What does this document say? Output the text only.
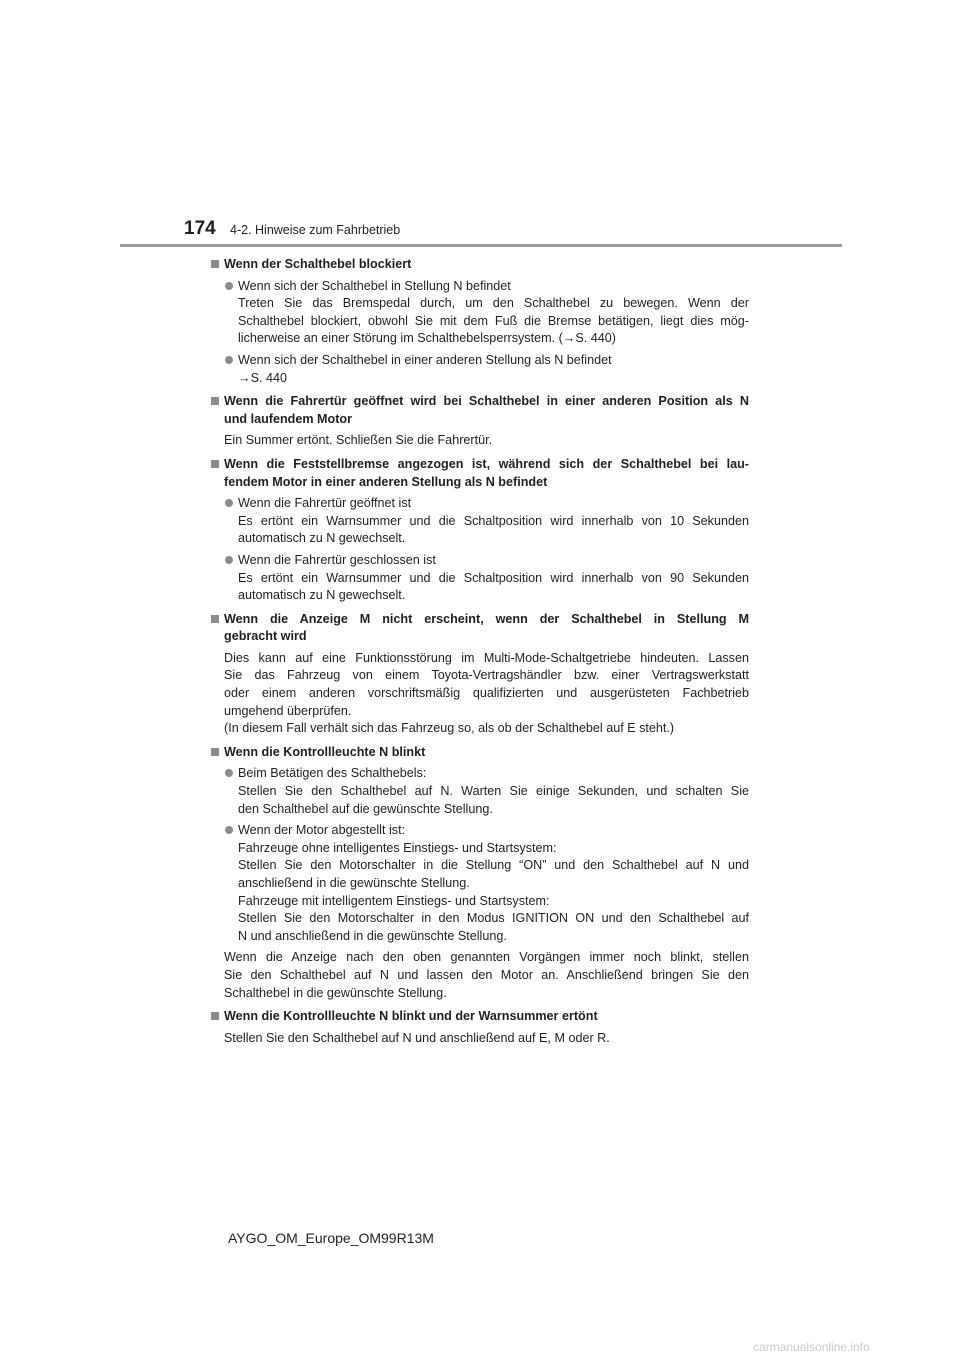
174 4-2. Hinweise zum Fahrbetrieb
Wenn der Schalthebel blockiert
Wenn sich der Schalthebel in Stellung N befindet
Treten Sie das Bremspedal durch, um den Schalthebel zu bewegen. Wenn der
Schalthebel blockiert, obwohl Sie mit dem Fuß die Bremse betätigen, liegt dies mög-
licherweise an einer Störung im Schalthebelsperrsystem. (→S. 440)
Wenn sich der Schalthebel in einer anderen Stellung als N befindet
→S. 440
Wenn die Fahrertür geöffnet wird bei Schalthebel in einer anderen Position als N
und laufendem Motor
Ein Summer ertönt. Schließen Sie die Fahrertür.
Wenn die Feststellbremse angezogen ist, während sich der Schalthebel bei lau-
fendem Motor in einer anderen Stellung als N befindet
Wenn die Fahrertür geöffnet ist
Es ertönt ein Warnsummer und die Schaltposition wird innerhalb von 10 Sekunden
automatisch zu N gewechselt.
Wenn die Fahrertür geschlossen ist
Es ertönt ein Warnsummer und die Schaltposition wird innerhalb von 90 Sekunden
automatisch zu N gewechselt.
Wenn die Anzeige M nicht erscheint, wenn der Schalthebel in Stellung M
gebracht wird
Dies kann auf eine Funktionsstörung im Multi-Mode-Schaltgetriebe hindeuten. Lassen
Sie das Fahrzeug von einem Toyota-Vertragshändler bzw. einer Vertragswerkstatt
oder einem anderen vorschriftsmäßig qualifizierten und ausgerüsteten Fachbetrieb
umgehend überprüfen.
(In diesem Fall verhält sich das Fahrzeug so, als ob der Schalthebel auf E steht.)
Wenn die Kontrollleuchte N blinkt
Beim Betätigen des Schalthebels:
Stellen Sie den Schalthebel auf N. Warten Sie einige Sekunden, und schalten Sie
den Schalthebel auf die gewünschte Stellung.
Wenn der Motor abgestellt ist:
Fahrzeuge ohne intelligentes Einstiegs- und Startsystem:
Stellen Sie den Motorschalter in die Stellung “ON” und den Schalthebel auf N und
anschließend in die gewünschte Stellung.
Fahrzeuge mit intelligentem Einstiegs- und Startsystem:
Stellen Sie den Motorschalter in den Modus IGNITION ON und den Schalthebel auf
N und anschließend in die gewünschte Stellung.
Wenn die Anzeige nach den oben genannten Vorgängen immer noch blinkt, stellen
Sie den Schalthebel auf N und lassen den Motor an. Anschließend bringen Sie den
Schalthebel in die gewünschte Stellung.
Wenn die Kontrollleuchte N blinkt und der Warnsummer ertönt
Stellen Sie den Schalthebel auf N und anschließend auf E, M oder R.
AYGO_OM_Europe_OM99R13M
carmanualsonline.info
